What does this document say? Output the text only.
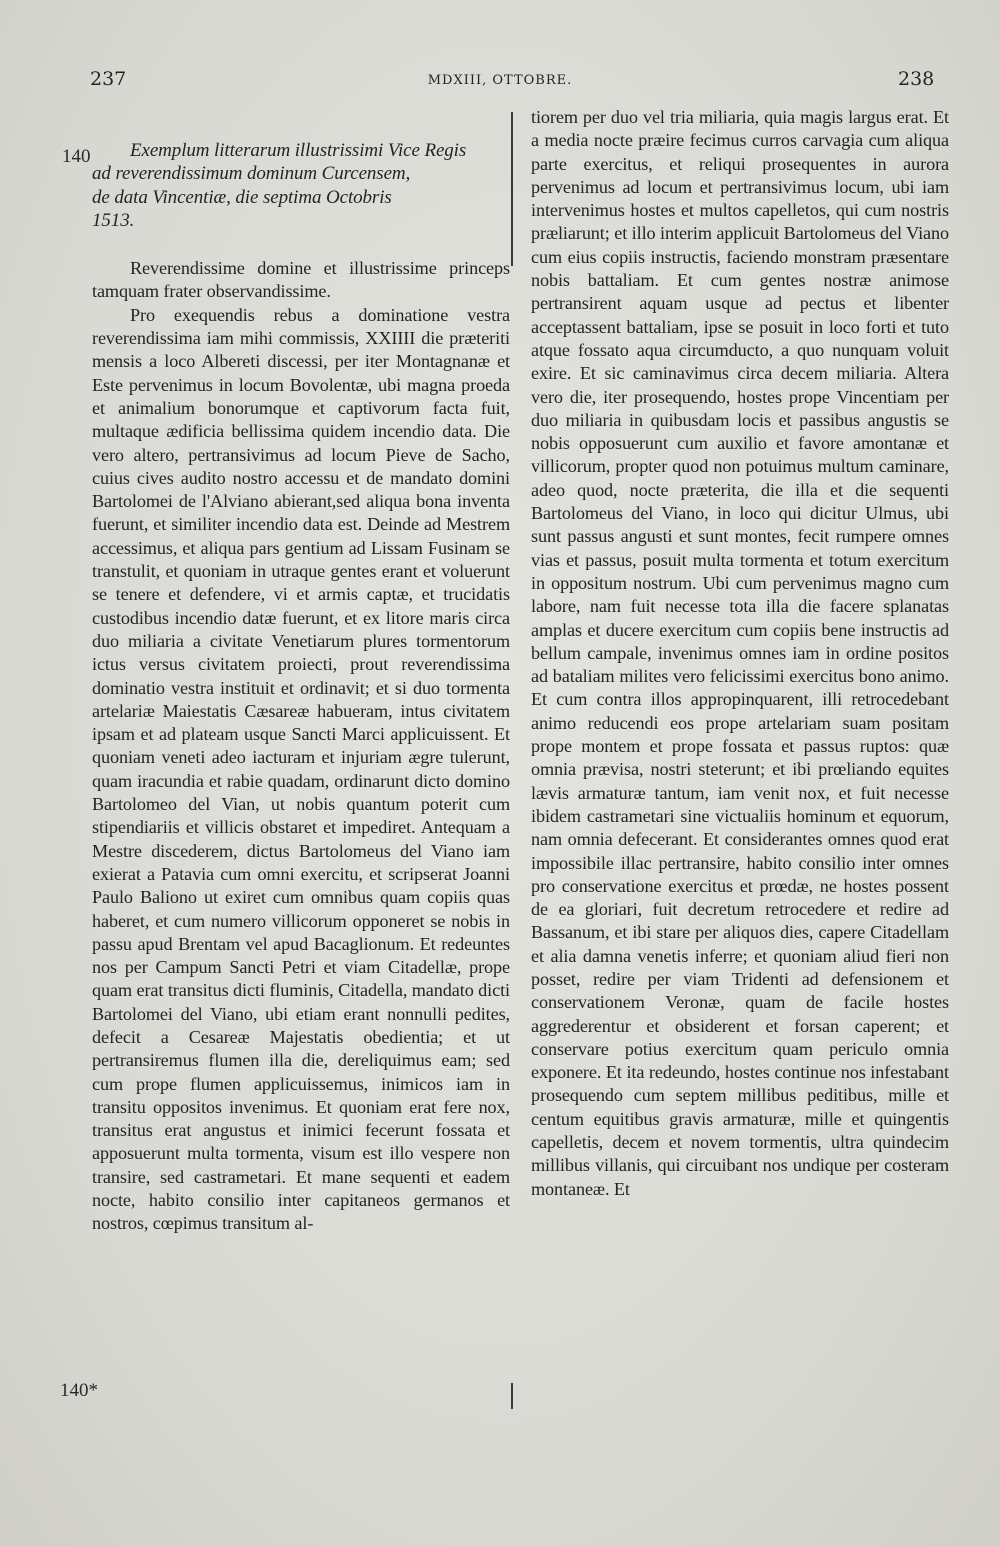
237	MDXIII, OTTOBRE.	238
140
140*
Exemplum litterarum illustrissimi Vice Regis
ad reverendissimum dominum Curcensem,
de data Vincentiæ, die septima Octobris
1513.

Reverendissime domine et illustrissime princeps tamquam frater observandissime.

Pro exequendis rebus a dominatione vestra reverendissima iam mihi commissis, XXIIII die præteriti mensis a loco Albereti discessi, per iter Montagnanæ et Este pervenimus in locum Bovolentæ, ubi magna proeda et animalium bonorumque et captivorum facta fuit, multaque ædificia bellissima quidem incendio data. Die vero altero, pertransivimus ad locum Pieve de Sacho, cuius cives audito nostro accessu et de mandato domini Bartolomei de l'Alviano abierant,sed aliqua bona inventa fuerunt, et similiter incendio data est. Deinde ad Mestrem accessimus, et aliqua pars gentium ad Lissam Fusinam se transtulit, et quoniam in utraque gentes erant et voluerunt se tenere et defendere, vi et armis captæ, et trucidatis custodibus incendio datæ fuerunt, et ex litore maris circa duo miliaria a civitate Venetiarum plures tormentorum ictus versus civitatem proiecti, prout reverendissima dominatio vestra instituit et ordinavit; et si duo tormenta artelariæ Maiestatis Cæsareæ habueram, intus civitatem ipsam et ad plateam usque Sancti Marci applicuissent. Et quoniam veneti adeo iacturam et injuriam ægre tulerunt, quam iracundia et rabie quadam, ordinarunt dicto domino Bartolomeo del Vian, ut nobis quantum poterit cum stipendiariis et villicis obstaret et impediret. Antequam a Mestre discederem, dictus Bartolomeus del Viano iam exierat a Patavia cum omni exercitu, et scripserat Joanni Paulo Baliono ut exiret cum omnibus quam copiis quas haberet, et cum numero villicorum opponeret se nobis in passu apud Brentam vel apud Bacaglionum. Et redeuntes nos per Campum Sancti Petri et viam Citadellæ, prope quam erat transitus dicti fluminis, Citadella, mandato dicti Bartolomei del Viano, ubi etiam erant nonnulli pedites, defecit a Cesareæ Majestatis obedientia; et ut pertransiremus flumen illa die, dereliquimus eam; sed cum prope flumen applicuissemus, inimicos iam in transitu oppositos invenimus. Et quoniam erat fere nox, transitus erat angustus et inimici fecerunt fossata et apposuerunt multa tormenta, visum est illo vespere non transire, sed castrametari. Et mane sequenti et eadem nocte, habito consilio inter capitaneos germanos et nostros, cœpimus transitum al-

tiorem per duo vel tria miliaria, quia magis largus erat. Et a media nocte præire fecimus curros carvagia cum aliqua parte exercitus, et reliqui prosequentes in aurora pervenimus ad locum et pertransivimus locum, ubi iam intervenimus hostes et multos capelletos, qui cum nostris præliarunt; et illo interim applicuit Bartolomeus del Viano cum eius copiis instructis, faciendo monstram præsentare nobis battaliam. Et cum gentes nostræ animose pertransirent aquam usque ad pectus et libenter acceptassent battaliam, ipse se posuit in loco forti et tuto atque fossato aqua circumducto, a quo nunquam voluit exire. Et sic caminavimus circa decem miliaria. Altera vero die, iter prosequendo, hostes prope Vincentiam per duo miliaria in quibusdam locis et passibus angustis se nobis opposuerunt cum auxilio et favore amontanæ et villicorum, propter quod non potuimus multum caminare, adeo quod, nocte præterita, die illa et die sequenti Bartolomeus del Viano, in loco qui dicitur Ulmus, ubi sunt passus angusti et sunt montes, fecit rumpere omnes vias et passus, posuit multa tormenta et totum exercitum in oppositum nostrum. Ubi cum pervenimus magno cum labore, nam fuit necesse tota illa die facere splanatas amplas et ducere exercitum cum copiis bene instructis ad bellum campale, invenimus omnes iam in ordine positos ad bataliam milites vero felicissimi exercitus bono animo. Et cum contra illos appropinquarent, illi retrocedebant animo reducendi eos prope artelariam suam positam prope montem et prope fossata et passus ruptos: quæ omnia prævisa, nostri steterunt; et ibi prœliando equites lævis armaturæ tantum, iam venit nox, et fuit necesse ibidem castrametari sine victualiis hominum et equorum, nam omnia defecerant. Et considerantes omnes quod erat impossibile illac pertransire, habito consilio inter omnes pro conservatione exercitus et prœdæ, ne hostes possent de ea gloriari, fuit decretum retrocedere et redire ad Bassanum, et ibi stare per aliquos dies, capere Citadellam et alia damna venetis inferre; et quoniam aliud fieri non posset, redire per viam Tridenti ad defensionem et conservationem Veronæ, quam de facile hostes aggrederentur et obsiderent et forsan caperent; et conservare potius exercitum quam periculo omnia exponere. Et ita redeundo, hostes continue nos infestabant prosequendo cum septem millibus peditibus, mille et centum equitibus gravis armaturæ, mille et quingentis capelletis, decem et novem tormentis, ultra quindecim millibus villanis, qui circuibant nos undique per costeram montaneæ. Et
